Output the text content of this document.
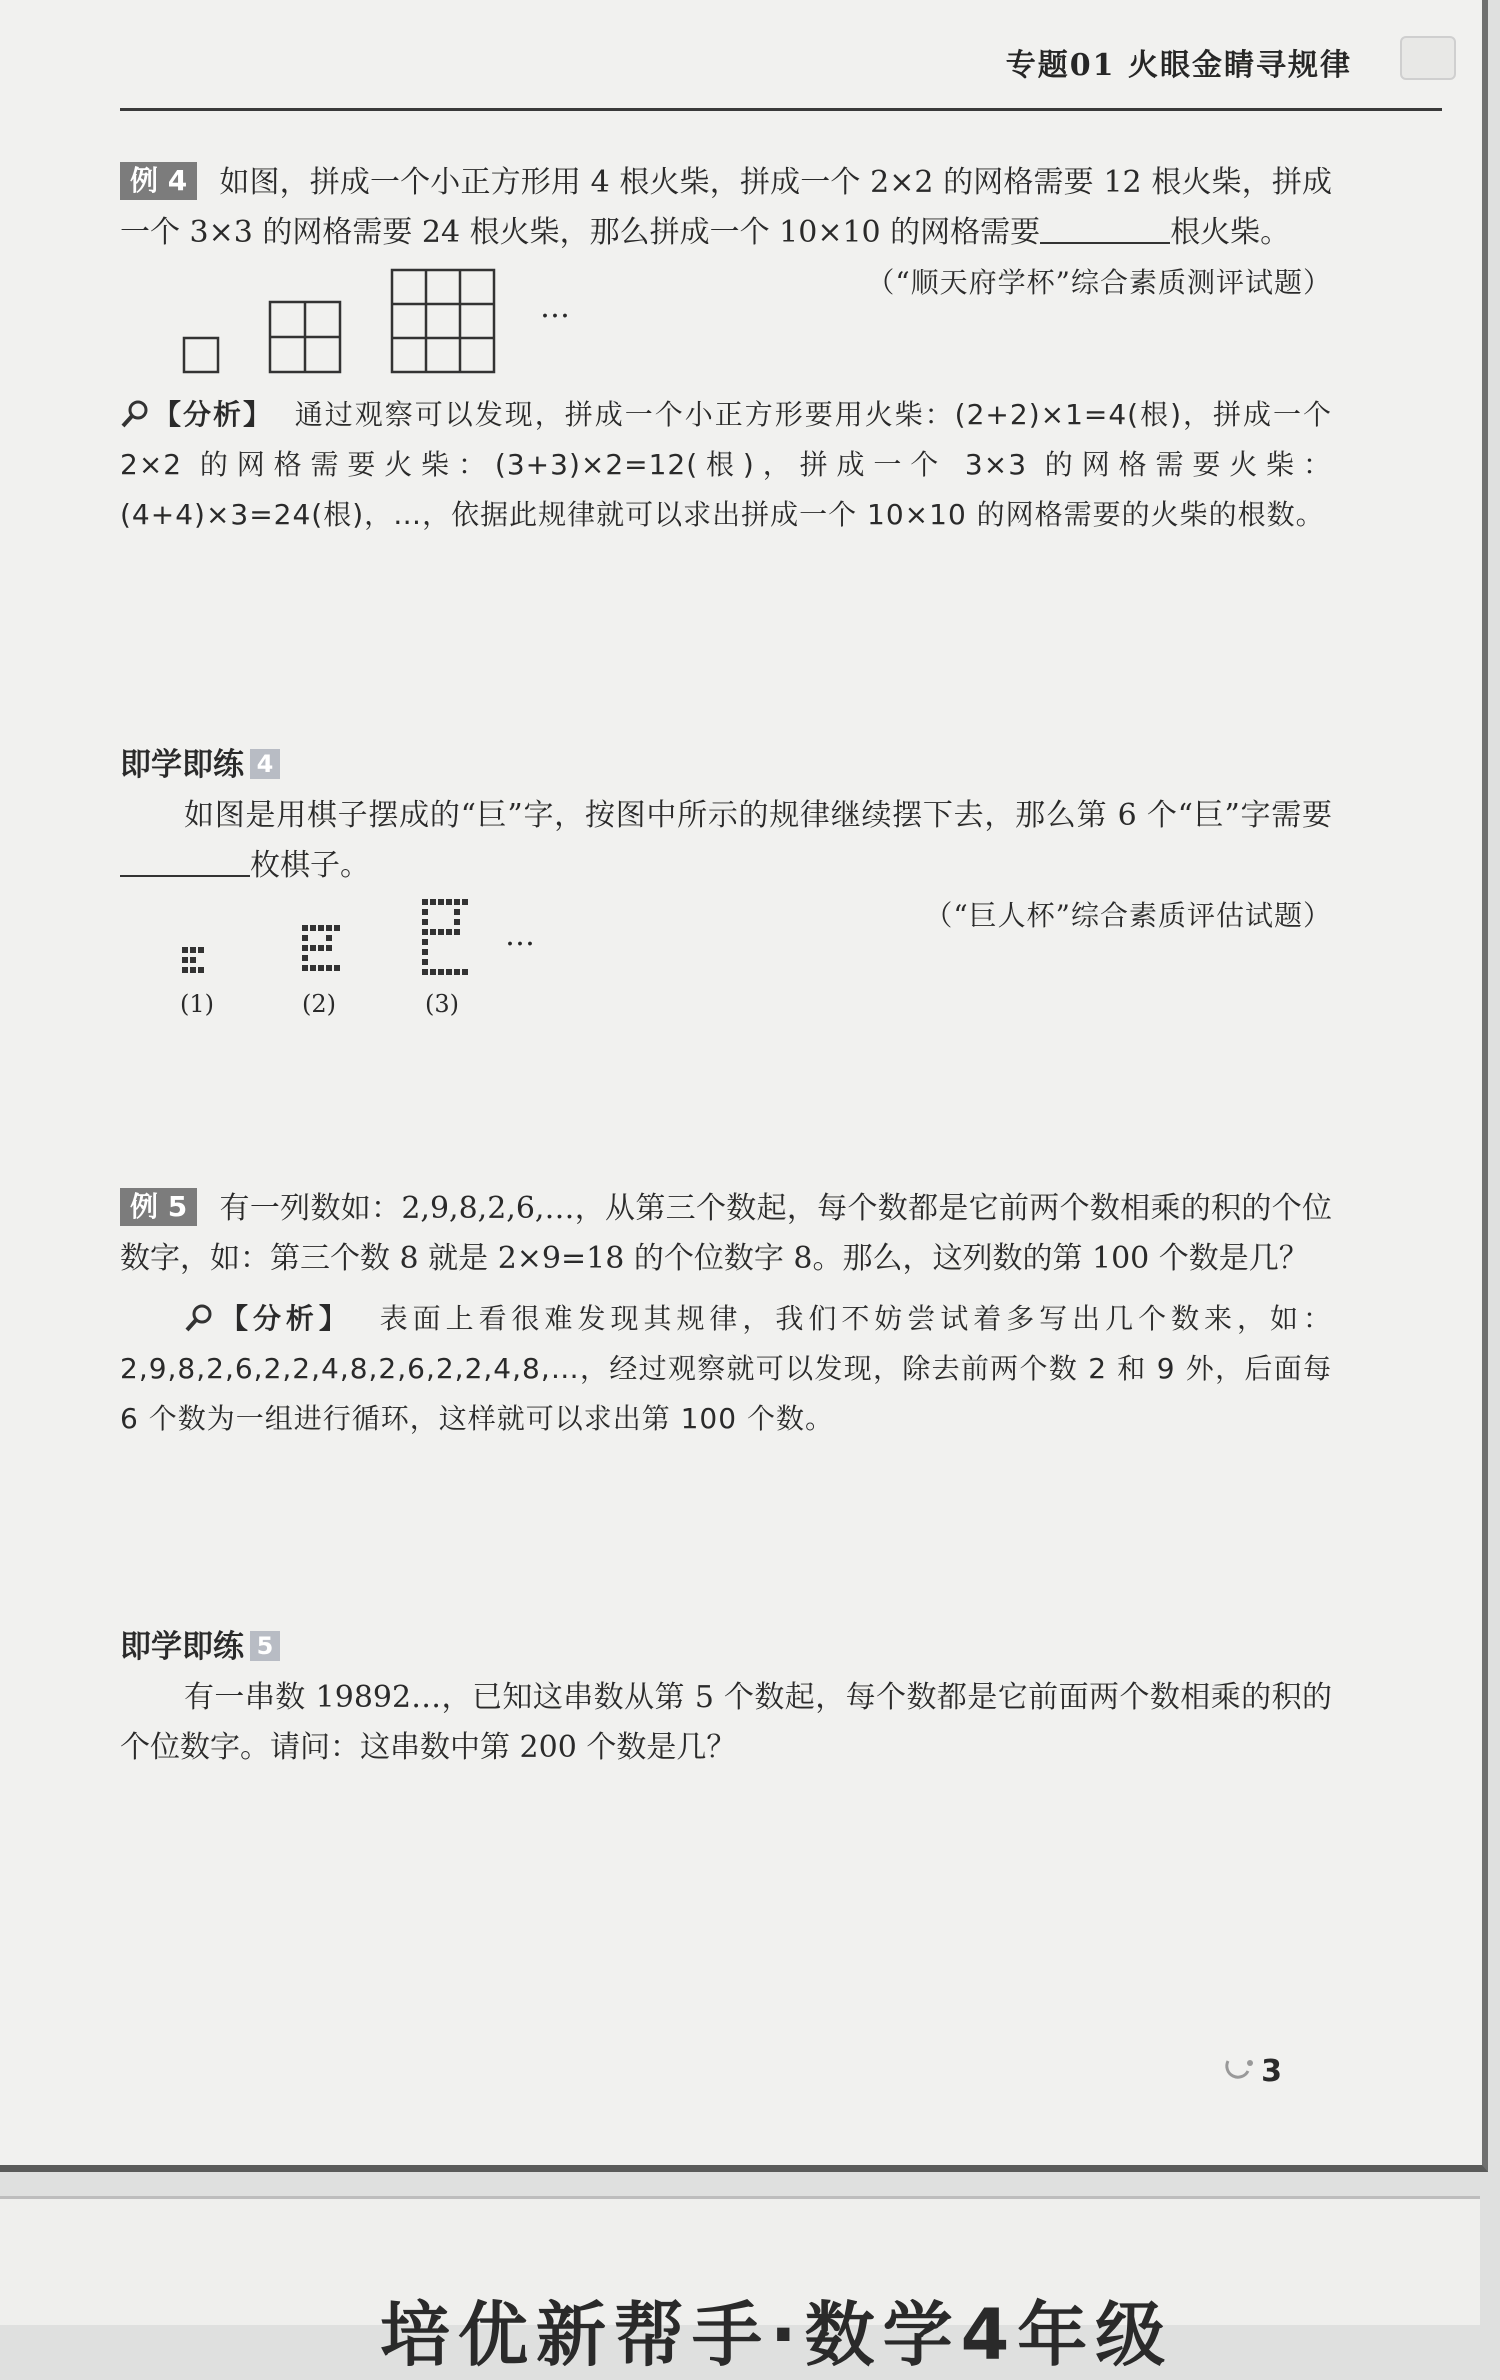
专题01 火眼金睛寻规律

例 4 如图，拼成一个小正方形用 4 根火柴，拼成一个 2×2 的网格需要 12 根火柴，拼成一个 3×3 的网格需要 24 根火柴，那么拼成一个 10×10 的网格需要	根火柴。

（“顺天府学杯”综合素质测评试题）
…

【分析】 通过观察可以发现，拼成一个小正方形要用火柴：(2+2)×1=4(根)，拼成一个 2×2 的网格需要火柴：(3+3)×2=12(根)，拼成一个 3×3 的网格需要火柴：(4+4)×3=24(根)，…，依据此规律就可以求出拼成一个 10×10 的网格需要的火柴的根数。

即学即练 4

如图是用棋子摆成的“巨”字，按图中所示的规律继续摆下去，那么第 6 个“巨”字需要枚棋子。

（“巨人杯”综合素质评估试题）
…
(1)	(2)	(3)

例 5 有一列数如：2,9,8,2,6,…，从第三个数起，每个数都是它前两个数相乘的积的个位数字，如：第三个数 8 就是 2×9=18 的个位数字 8。那么，这列数的第 100 个数是几？

【分析】 表面上看很难发现其规律，我们不妨尝试着多写出几个数来，如：2,9,8,2,6,2,2,4,8,2,6,2,2,4,8,…，经过观察就可以发现，除去前两个数 2 和 9 外，后面每 6 个数为一组进行循环，这样就可以求出第 100 个数。

即学即练 5

有一串数 19892…，已知这串数从第 5 个数起，每个数都是它前面两个数相乘的积的个位数字。请问：这串数中第 200 个数是几？

3
培优新帮手·数学4年级
